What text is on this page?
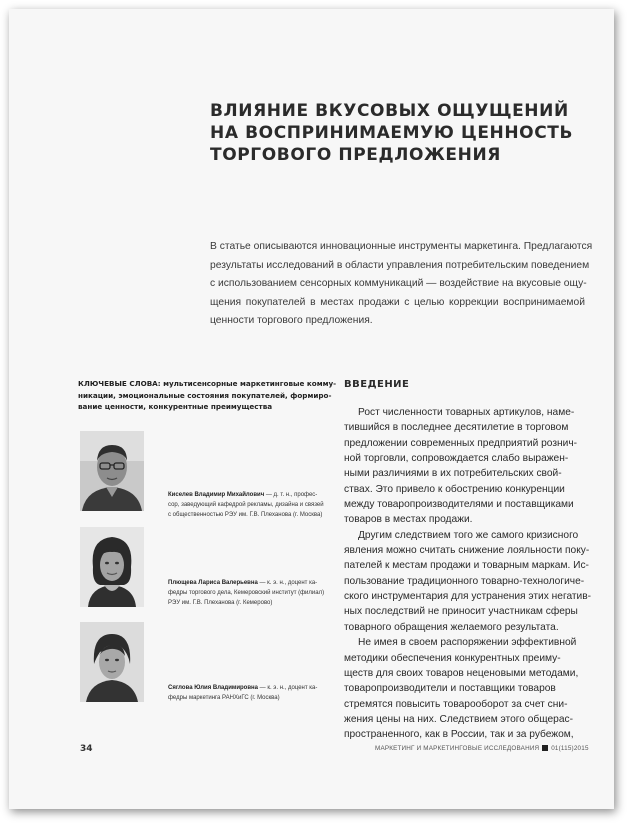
ВЛИЯНИЕ ВКУСОВЫХ ОЩУЩЕНИЙ
НА ВОСПРИНИМАЕМУЮ ЦЕННОСТЬ
ТОРГОВОГО ПРЕДЛОЖЕНИЯ
В статье описываются инновационные инструменты маркетинга. Предлагаются
результаты исследований в области управления потребительским поведением
с использованием сенсорных коммуникаций — воздействие на вкусовые ощу-
щения покупателей в местах продажи с целью коррекции воспринимаемой
ценности торгового предложения.
КЛЮЧЕВЫЕ СЛОВА: мультисенсорные маркетинговые комму-
никации, эмоциональные состояния покупателей, формиро-
вание ценности, конкурентные преимущества
Киселев Владимир Михайлович — д. т. н., профес-
сор, заведующий кафедрой рекламы, дизайна и связей
с общественностью РЭУ им. Г.В. Плеханова (г. Москва)
Плющева Лариса Валерьевна — к. э. н., доцент ка-
федры торгового дела, Кемеровский институт (филиал)
РЭУ им. Г.В. Плеханова (г. Кемерово)
Сяглова Юлия Владимировна — к. э. н., доцент ка-
федры маркетинга РАНХиГС (г. Москва)
ВВЕДЕНИЕ
Рост численности товарных артикулов, наме-
тившийся в последнее десятилетие в торговом
предложении современных предприятий рознич-
ной торговли, сопровождается слабо выражен-
ными различиями в их потребительских свой-
ствах. Это привело к обострению конкуренции
между товаропроизводителями и поставщиками
товаров в местах продажи.
Другим следствием того же самого кризисного
явления можно считать снижение лояльности поку-
пателей к местам продажи и товарным маркам. Ис-
пользование традиционного товарно-технологиче-
ского инструментария для устранения этих негатив-
ных последствий не приносит участникам сферы
товарного обращения желаемого результата.
Не имея в своем распоряжении эффективной
методики обеспечения конкурентных преиму-
ществ для своих товаров неценовыми методами,
товаропроизводители и поставщики товаров
стремятся повысить товарооборот за счет сни-
жения цены на них. Следствием этого общерас-
пространенного, как в России, так и за рубежом,
34	МАРКЕТИНГ И МАРКЕТИНГОВЫЕ ИССЛЕДОВАНИЯ 01(115)2015
